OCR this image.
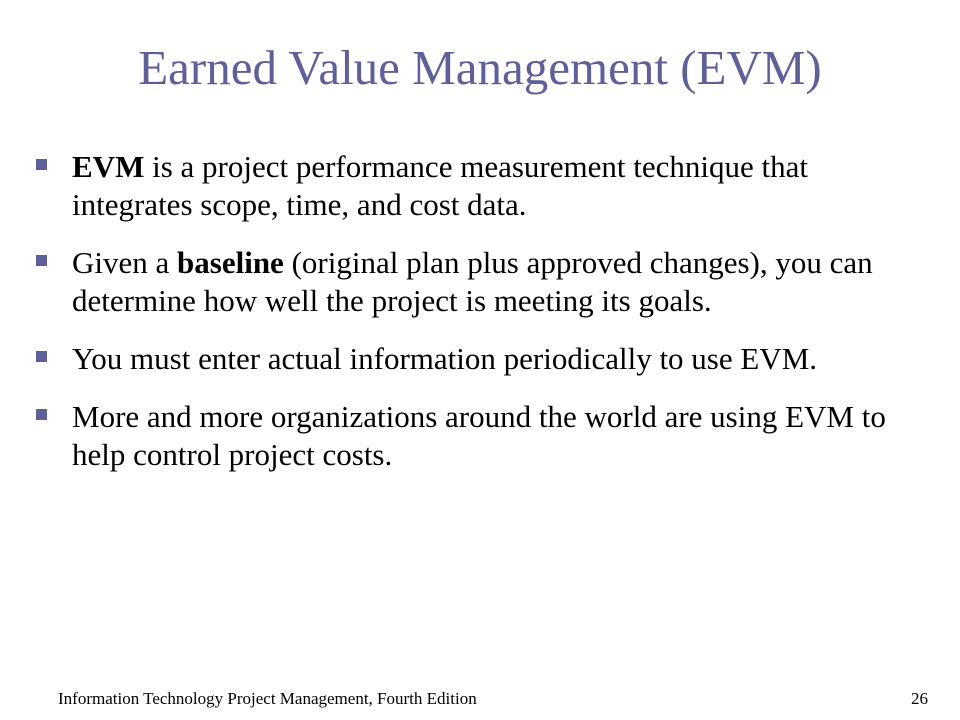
Earned Value Management (EVM)
EVM is a project performance measurement technique that integrates scope, time, and cost data.
Given a baseline (original plan plus approved changes), you can determine how well the project is meeting its goals.
You must enter actual information periodically to use EVM.
More and more organizations around the world are using EVM to help control project costs.
Information Technology Project Management, Fourth Edition	26
